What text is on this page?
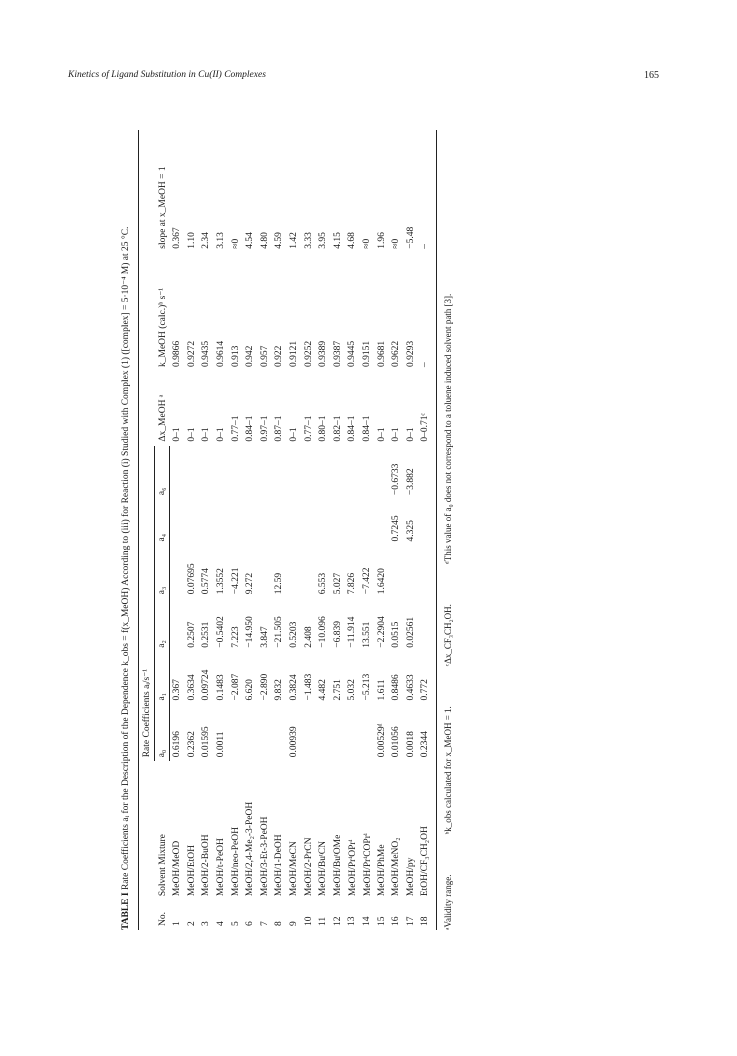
Kinetics of Ligand Substitution in Cu(II) Complexes	165

TABLE I Rate Coefficients aᵢ for the Description of the Dependence k_obs = f(x_MeOH) According to (iii) for Reaction (i) Studied with Complex (1) ([complex] = 5·10⁻⁴ M) at 25 °C.

No.	Solvent Mixture	Rate Coefficients aᵢ/s⁻¹						Δx_MeOH ᵃ	k_MeOH (calc.)ᵇ s⁻¹	slope at x_MeOH = 1
		a₀	a₁	a₂	a₃	a₄	a₆			
1	MeOH/MeOD	0.6196	0.367					0–1	0.9866	0.367
2	MeOH/EtOH	0.2362	0.3634	0.2507	0.07695			0–1	0.9272	1.10
3	MeOH/2-BuOH	0.01595	0.09724	0.2531	0.5774			0–1	0.9435	2.34
4	MeOH/t-PeOH	0.0011	0.1483	−0.5402	1.3552			0–1	0.9614	3.13
5	MeOH/neo-PeOH		−2.087	7.223	−4.221			0.77–1	0.913	≈0
6	MeOH/2,4-Me₂-3-PeOH		6.620	−14.950	9.272			0.84–1	0.942	4.54
7	MeOH/3-Et-3-PeOH		−2.890	3.847				0.97–1	0.957	4.80
8	MeOH/1-DeOH		9.832	−21.505	12.59			0.87–1	0.922	4.59
9	MeOH/MeCN	0.00939	0.3824	0.5203				0–1	0.9121	1.42
10	MeOH/2-PrCN		−1.483	2.408				0.77–1	0.9252	3.33
11	MeOH/BuᵗCN		4.482	−10.096	6.553			0.80–1	0.9389	3.95
12	MeOH/BuᵗOMe		2.751	−6.839	5.027			0.82–1	0.9387	4.15
13	MeOH/PrⁱOPrⁱ		5.032	−11.914	7.826			0.84–1	0.9445	4.68
14	MeOH/PrⁱCOPrⁱ		−5.213	13.551	−7.422			0.84–1	0.9151	≈0
15	MeOH/PhMe	0.00529ᵈ	1.611	−2.2904	1.6420			0–1	0.9681	1.96
16	MeOH/MeNO₂	0.01056	0.8486	0.0515		0.7245	−0.6733	0–1	0.9622	≈0
17	MeOH/py	0.0018	0.4633	0.02561		4.325	−3.882	0–1	0.9293	−5.48
18	EtOH/CF₃CH₂OH	0.2344	0.772					0–0.71ᶜ	–	–
ᵃValidity range.
ᵇk_obs calculated for x_MeOH = 1.
ᶜΔx_CF₃CH₂OH.
ᵈThis value of a₀ does not correspond to a toluene induced solvent path [3].
